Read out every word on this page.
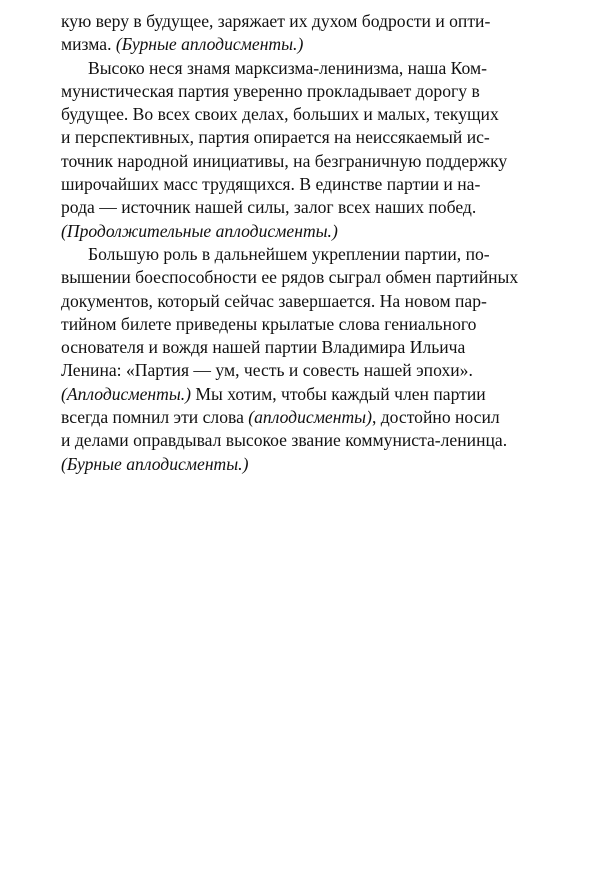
кую веру в будущее, заряжает их духом бодрости и опти-
мизма. (Бурные аплодисменты.)
Высоко неся знамя марксизма-ленинизма, наша Ком-
мунистическая партия уверенно прокладывает дорогу в
будущее. Во всех своих делах, больших и малых, текущих
и перспективных, партия опирается на неиссякаемый ис-
точник народной инициативы, на безграничную поддержку
широчайших масс трудящихся. В единстве партии и на-
рода — источник нашей силы, залог всех наших побед.
(Продолжительные аплодисменты.)
Большую роль в дальнейшем укреплении партии, по-
вышении боеспособности ее рядов сыграл обмен партийных
документов, который сейчас завершается. На новом пар-
тийном билете приведены крылатые слова гениального
основателя и вождя нашей партии Владимира Ильича
Ленина: «Партия — ум, честь и совесть нашей эпохи».
(Аплодисменты.) Мы хотим, чтобы каждый член партии
всегда помнил эти слова (аплодисменты), достойно носил
и делами оправдывал высокое звание коммуниста-ленинца.
(Бурные аплодисменты.)
